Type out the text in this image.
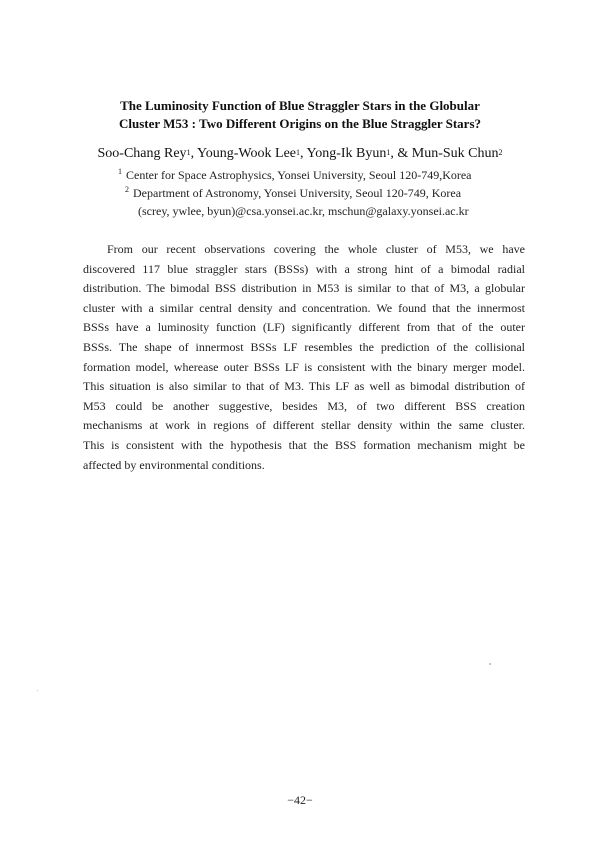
The Luminosity Function of Blue Straggler Stars in the Globular
Cluster M53 : Two Different Origins on the Blue Straggler Stars?
Soo-Chang Rey$^1$, Young-Wook Lee$^1$, Yong-Ik Byun$^1$, & Mun-Suk Chun$^2$
$^1$ Center for Space Astrophysics, Yonsei University, Seoul 120-749,Korea
$^2$ Department of Astronomy, Yonsei University, Seoul 120-749, Korea
(screy, ywlee, byun)@csa.yonsei.ac.kr, mschun@galaxy.yonsei.ac.kr
From our recent observations covering the whole cluster of M53, we have
discovered 117 blue straggler stars (BSSs) with a strong hint of a bimodal radial
distribution. The bimodal BSS distribution in M53 is similar to that of M3, a globular
cluster with a similar central density and concentration. We found that the innermost
BSSs have a luminosity function (LF) significantly different from that of the outer
BSSs. The shape of innermost BSSs LF resembles the prediction of the collisional
formation model, wherease outer BSSs LF is consistent with the binary merger model.
This situation is also similar to that of M3. This LF as well as bimodal distribution of
M53 could be another suggestive, besides M3, of two different BSS creation
mechanisms at work in regions of different stellar density within the same cluster.
This is consistent with the hypothesis that the BSS formation mechanism might be
affected by environmental conditions.
−42−
